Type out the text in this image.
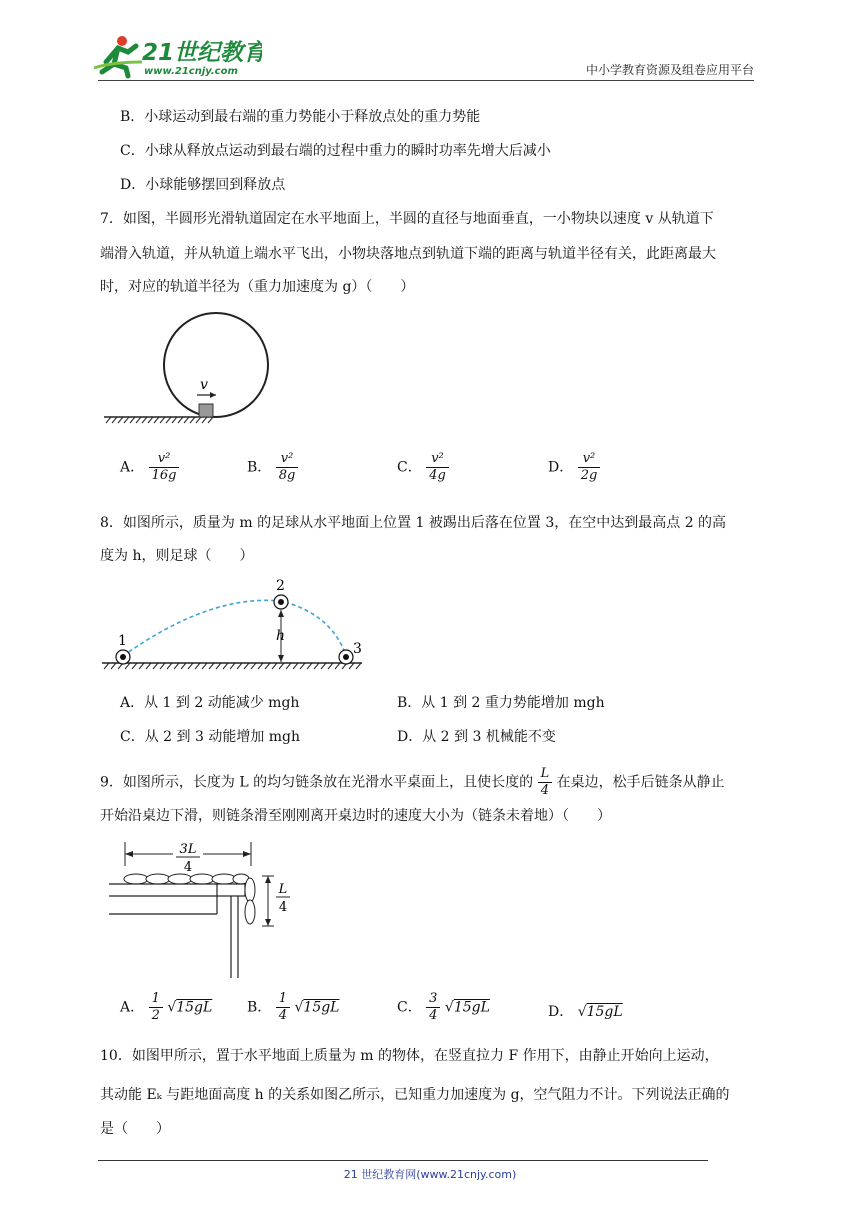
21世纪教育
www.21cnjy.com	中小学教育资源及组卷应用平台
B．小球运动到最右端的重力势能小于释放点处的重力势能
C．小球从释放点运动到最右端的过程中重力的瞬时功率先增大后减小
D．小球能够摆回到释放点
7．如图，半圆形光滑轨道固定在水平地面上，半圆的直径与地面垂直，一小物块以速度 v 从轨道下
端滑入轨道，并从轨道上端水平飞出，小物块落地点到轨道下端的距离与轨道半径有关，此距离最大
时，对应的轨道半径为（重力加速度为 g）（　　）
v
A． $\frac{\text{v²}}{16g}$	B． $\frac{\text{v²}}{8g}$	C． $\frac{\text{v²}}{4g}$	D． $\frac{\text{v²}}{2g}$
8．如图所示，质量为 m 的足球从水平地面上位置 1 被踢出后落在位置 3，在空中达到最高点 2 的高
度为 h，则足球（　　）
1
2
3
h
A．从 1 到 2 动能减少 mgh	B．从 1 到 2 重力势能增加 mgh
C．从 2 到 3 动能增加 mgh	D．从 2 到 3 机械能不变
9．如图所示，长度为 L 的均匀链条放在光滑水平桌面上，且使长度的 $\frac{L}{4}$ 在桌边，松手后链条从静止
开始沿桌边下滑，则链条滑至刚刚离开桌边时的速度大小为（链条未着地）（　　）
3L
4
L
4
A． $\frac{1}{2} √15gL$ B． $\frac{1}{4} √15gL$	C． $\frac{3}{4} √15gL$	D． √15gL
10．如图甲所示，置于水平地面上质量为 m 的物体，在竖直拉力 F 作用下，由静止开始向上运动，
其动能 Eₖ 与距地面高度 h 的关系如图乙所示，已知重力加速度为 g，空气阻力不计。下列说法正确的
是（　　）
21 世纪教育网(www.21cnjy.com)
